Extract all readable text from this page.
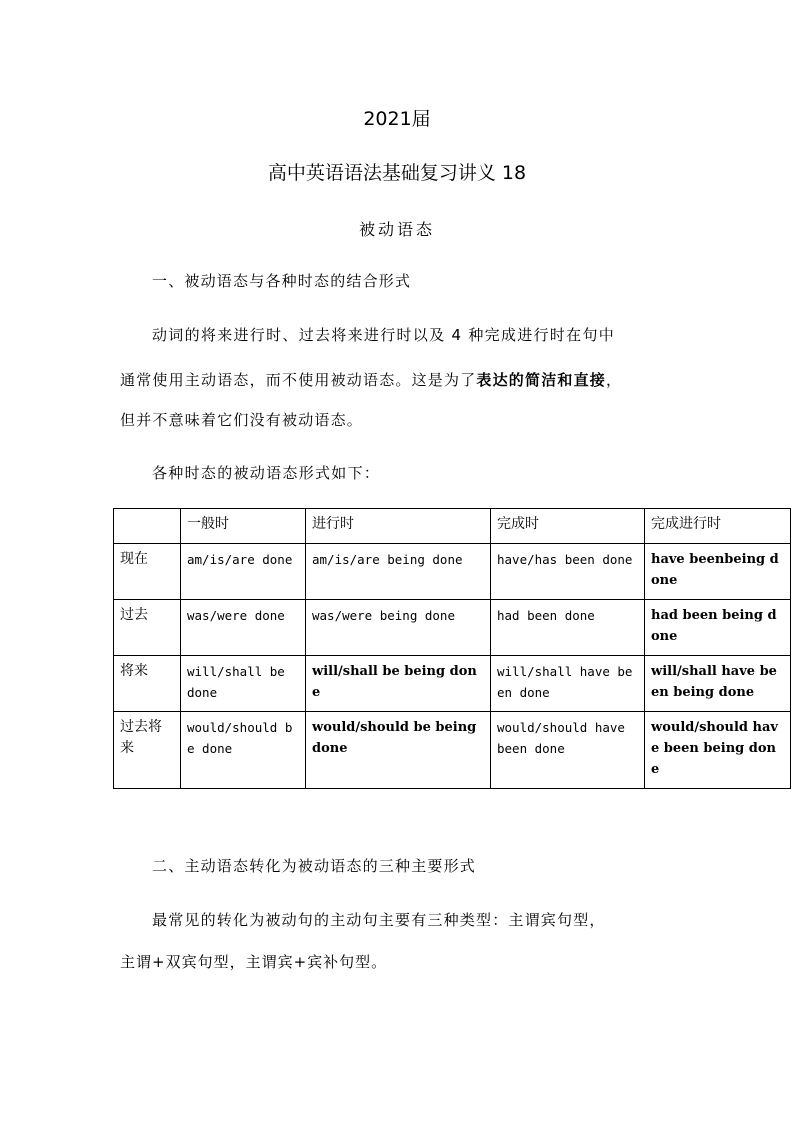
2021届
高中英语语法基础复习讲义 18
被动语态
一、被动语态与各种时态的结合形式
动词的将来进行时、过去将来进行时以及 4 种完成进行时在句中
通常使用主动语态，而不使用被动语态。这是为了表达的简洁和直接，
但并不意味着它们没有被动语态。
各种时态的被动语态形式如下：
	一般时	进行时	完成时	完成进行时
现在	am/is/are done	am/is/are being done	have/has been done	have beenbeing done
过去	was/were done	was/were being done	had been done	had been being done
将来	will/shall be done	will/shall be being done	will/shall have been done	will/shall have been being done
过去将来	would/should be done	would/should be being done	would/should have been done	would/should have been being done
二、主动语态转化为被动语态的三种主要形式
最常见的转化为被动句的主动句主要有三种类型：主谓宾句型，
主谓+双宾句型，主谓宾+宾补句型。
